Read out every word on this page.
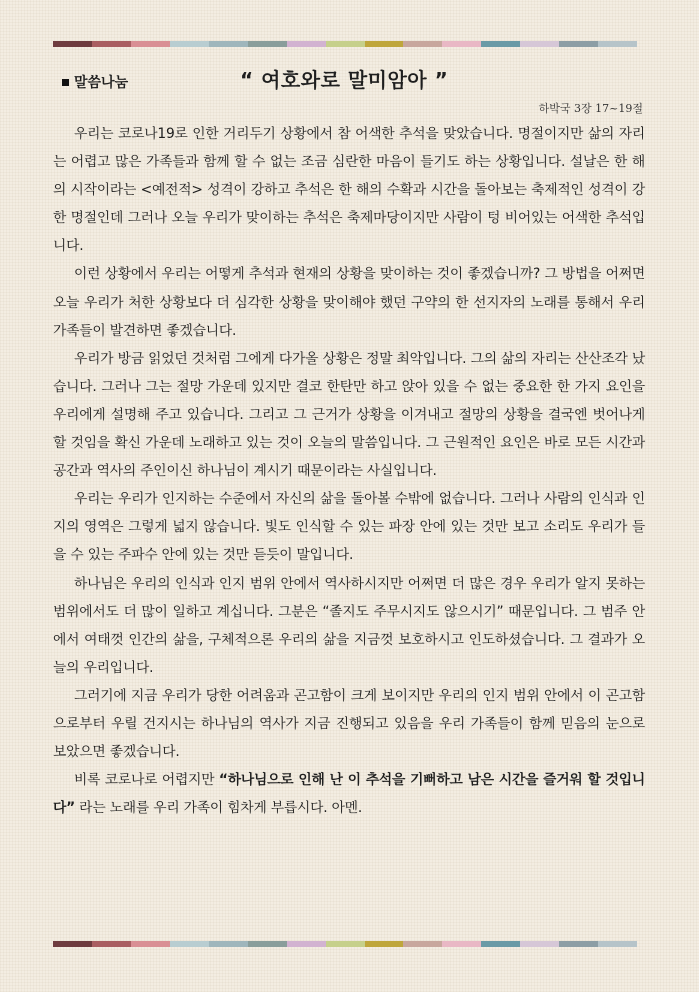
말씀나눔	“ 여호와로 말미암아 ”
하박국 3장 17~19절

우리는 코로나19로 인한 거리두기 상황에서 참 어색한 추석을 맞았습니다. 명절이지만 삶의 자리는 어렵고 많은 가족들과 함께 할 수 없는 조금 심란한 마음이 들기도 하는 상황입니다. 설날은 한 해의 시작이라는 <예전적> 성격이 강하고 추석은 한 해의 수확과 시간을 돌아보는 축제적인 성격이 강한 명절인데 그러나 오늘 우리가 맞이하는 추석은 축제마당이지만 사람이 텅 비어있는 어색한 추석입니다.

이런 상황에서 우리는 어떻게 추석과 현재의 상황을 맞이하는 것이 좋겠습니까? 그 방법을 어쩌면 오늘 우리가 처한 상황보다 더 심각한 상황을 맞이해야 했던 구약의 한 선지자의 노래를 통해서 우리 가족들이 발견하면 좋겠습니다.

우리가 방금 읽었던 것처럼 그에게 다가올 상황은 정말 최악입니다. 그의 삶의 자리는 산산조각 났습니다. 그러나 그는 절망 가운데 있지만 결코 한탄만 하고 앉아 있을 수 없는 중요한 한 가지 요인을 우리에게 설명해 주고 있습니다. 그리고 그 근거가 상황을 이겨내고 절망의 상황을 결국엔 벗어나게 할 것임을 확신 가운데 노래하고 있는 것이 오늘의 말씀입니다. 그 근원적인 요인은 바로 모든 시간과 공간과 역사의 주인이신 하나님이 계시기 때문이라는 사실입니다.

우리는 우리가 인지하는 수준에서 자신의 삶을 돌아볼 수밖에 없습니다. 그러나 사람의 인식과 인지의 영역은 그렇게 넓지 않습니다. 빛도 인식할 수 있는 파장 안에 있는 것만 보고 소리도 우리가 들을 수 있는 주파수 안에 있는 것만 듣듯이 말입니다.

하나님은 우리의 인식과 인지 범위 안에서 역사하시지만 어쩌면 더 많은 경우 우리가 알지 못하는 범위에서도 더 많이 일하고 계십니다. 그분은 “졸지도 주무시지도 않으시기” 때문입니다. 그 범주 안에서 여태껏 인간의 삶을, 구체적으론 우리의 삶을 지금껏 보호하시고 인도하셨습니다. 그 결과가 오늘의 우리입니다.

그러기에 지금 우리가 당한 어려움과 곤고함이 크게 보이지만 우리의 인지 범위 안에서 이 곤고함으로부터 우릴 건지시는 하나님의 역사가 지금 진행되고 있음을 우리 가족들이 함께 믿음의 눈으로 보았으면 좋겠습니다.

비록 코로나로 어렵지만 “하나님으로 인해 난 이 추석을 기뻐하고 남은 시간을 즐거워 할 것입니다” 라는 노래를 우리 가족이 힘차게 부릅시다. 아멘.
